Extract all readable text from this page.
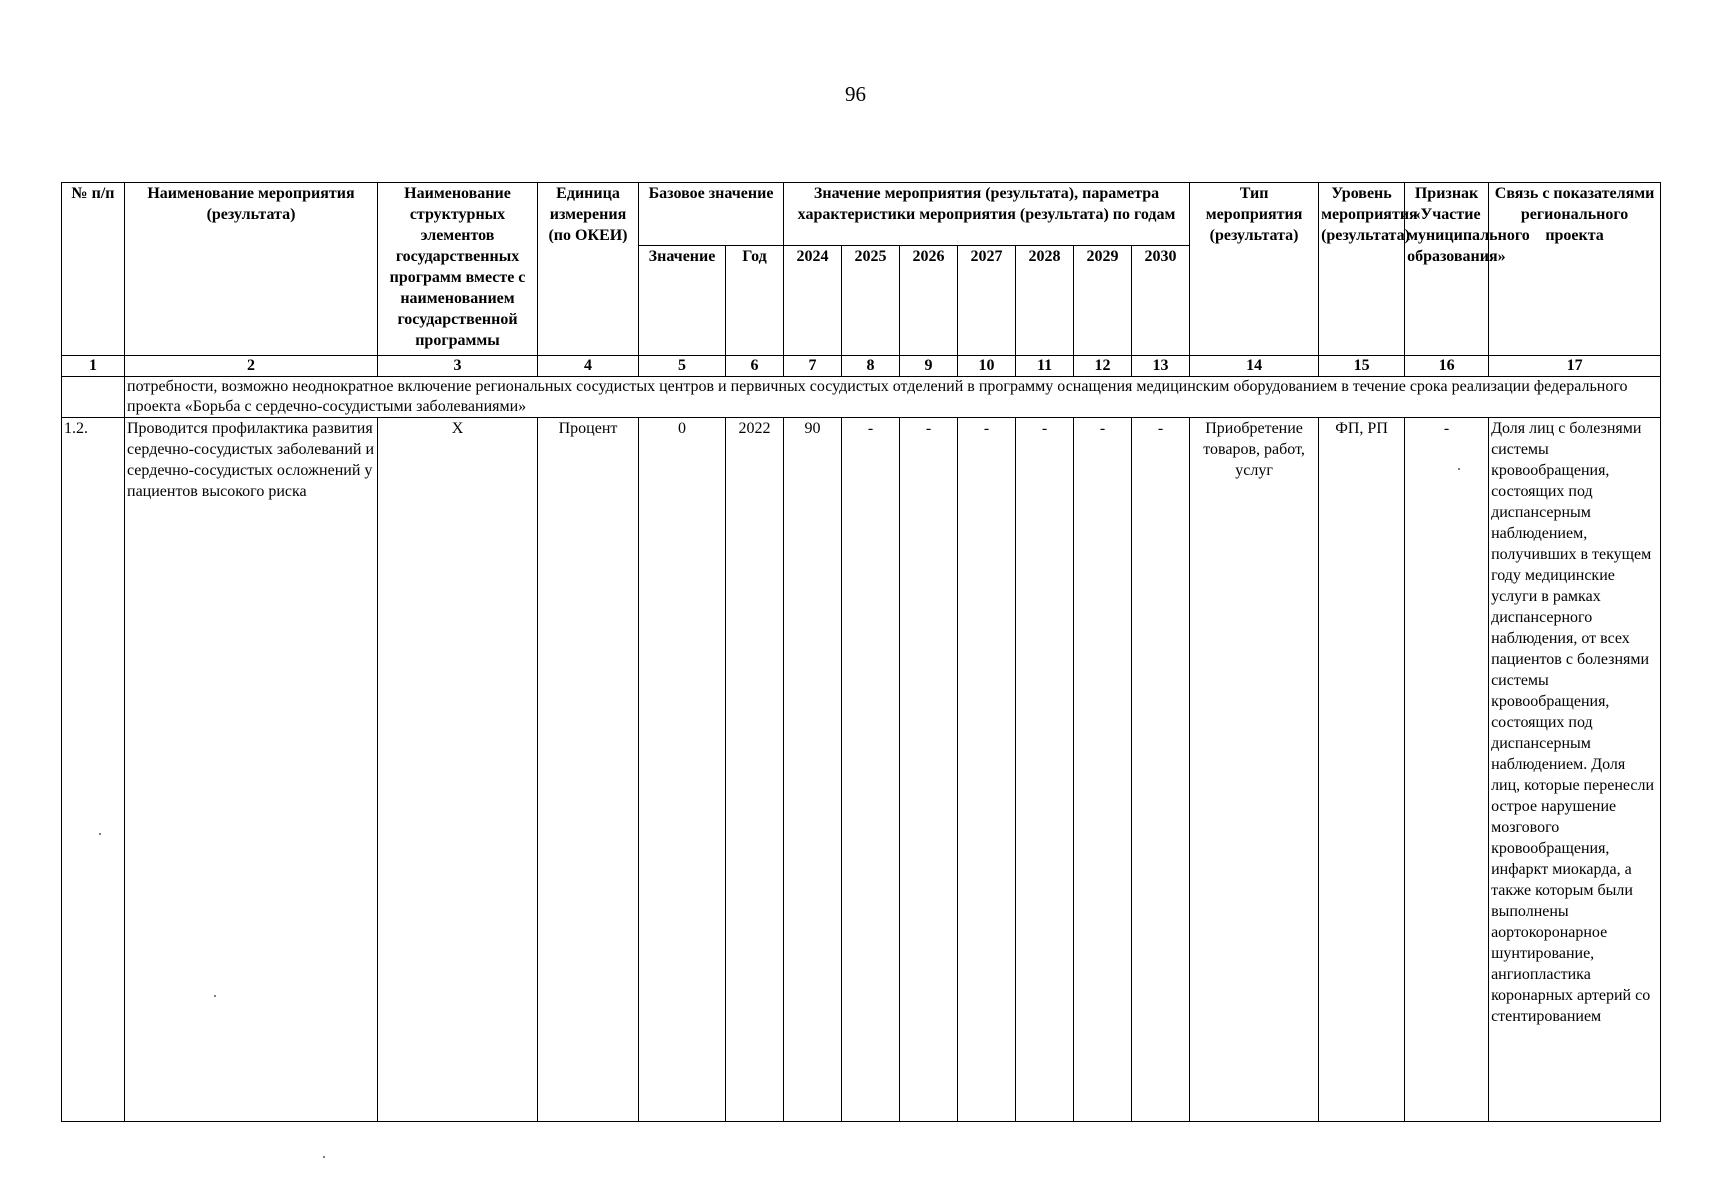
96
№ п/п	Наименование мероприятия (результата)	Наименование структурных элементов государственных программ вместе с наименованием государственной программы	Единица измерения (по ОКЕИ)	Базовое значение		Значение мероприятия (результата), параметра характеристики мероприятия (результата) по годам							Тип мероприятия (результата)	Уровень мероприятия (результата)	Признак «Участие муниципального образования»	Связь с показателями регионального проекта
				Значение	Год	2024	2025	2026	2027	2028	2029	2030				
1	2	3	4	5	6	7	8	9	10	11	12	13	14	15	16	17
	потребности, возможно неоднократное включение региональных сосудистых центров и первичных сосудистых отделений в программу оснащения медицинским оборудованием в течение срока реализации федерального проекта «Борьба с сердечно-сосудистыми заболеваниями»															
1.2.	Проводится профилактика развития сердечно-сосудистых заболеваний и сердечно-сосудистых осложнений у пациентов высокого риска	Х	Процент	0	2022	90	-	-	-	-	-	-	Приобретение товаров, работ, услуг	ФП, РП	-	Доля лиц с болезнями системы кровообращения, состоящих под диспансерным наблюдением, получивших в текущем году медицинские услуги в рамках диспансерного наблюдения, от всех пациентов с болезнями системы кровообращения, состоящих под диспансерным наблюдением. Доля лиц, которые перенесли острое нарушение мозгового кровообращения, инфаркт миокарда, а также которым были выполнены аортокоронарное шунтирование, ангиопластика коронарных артерий со стентированием
